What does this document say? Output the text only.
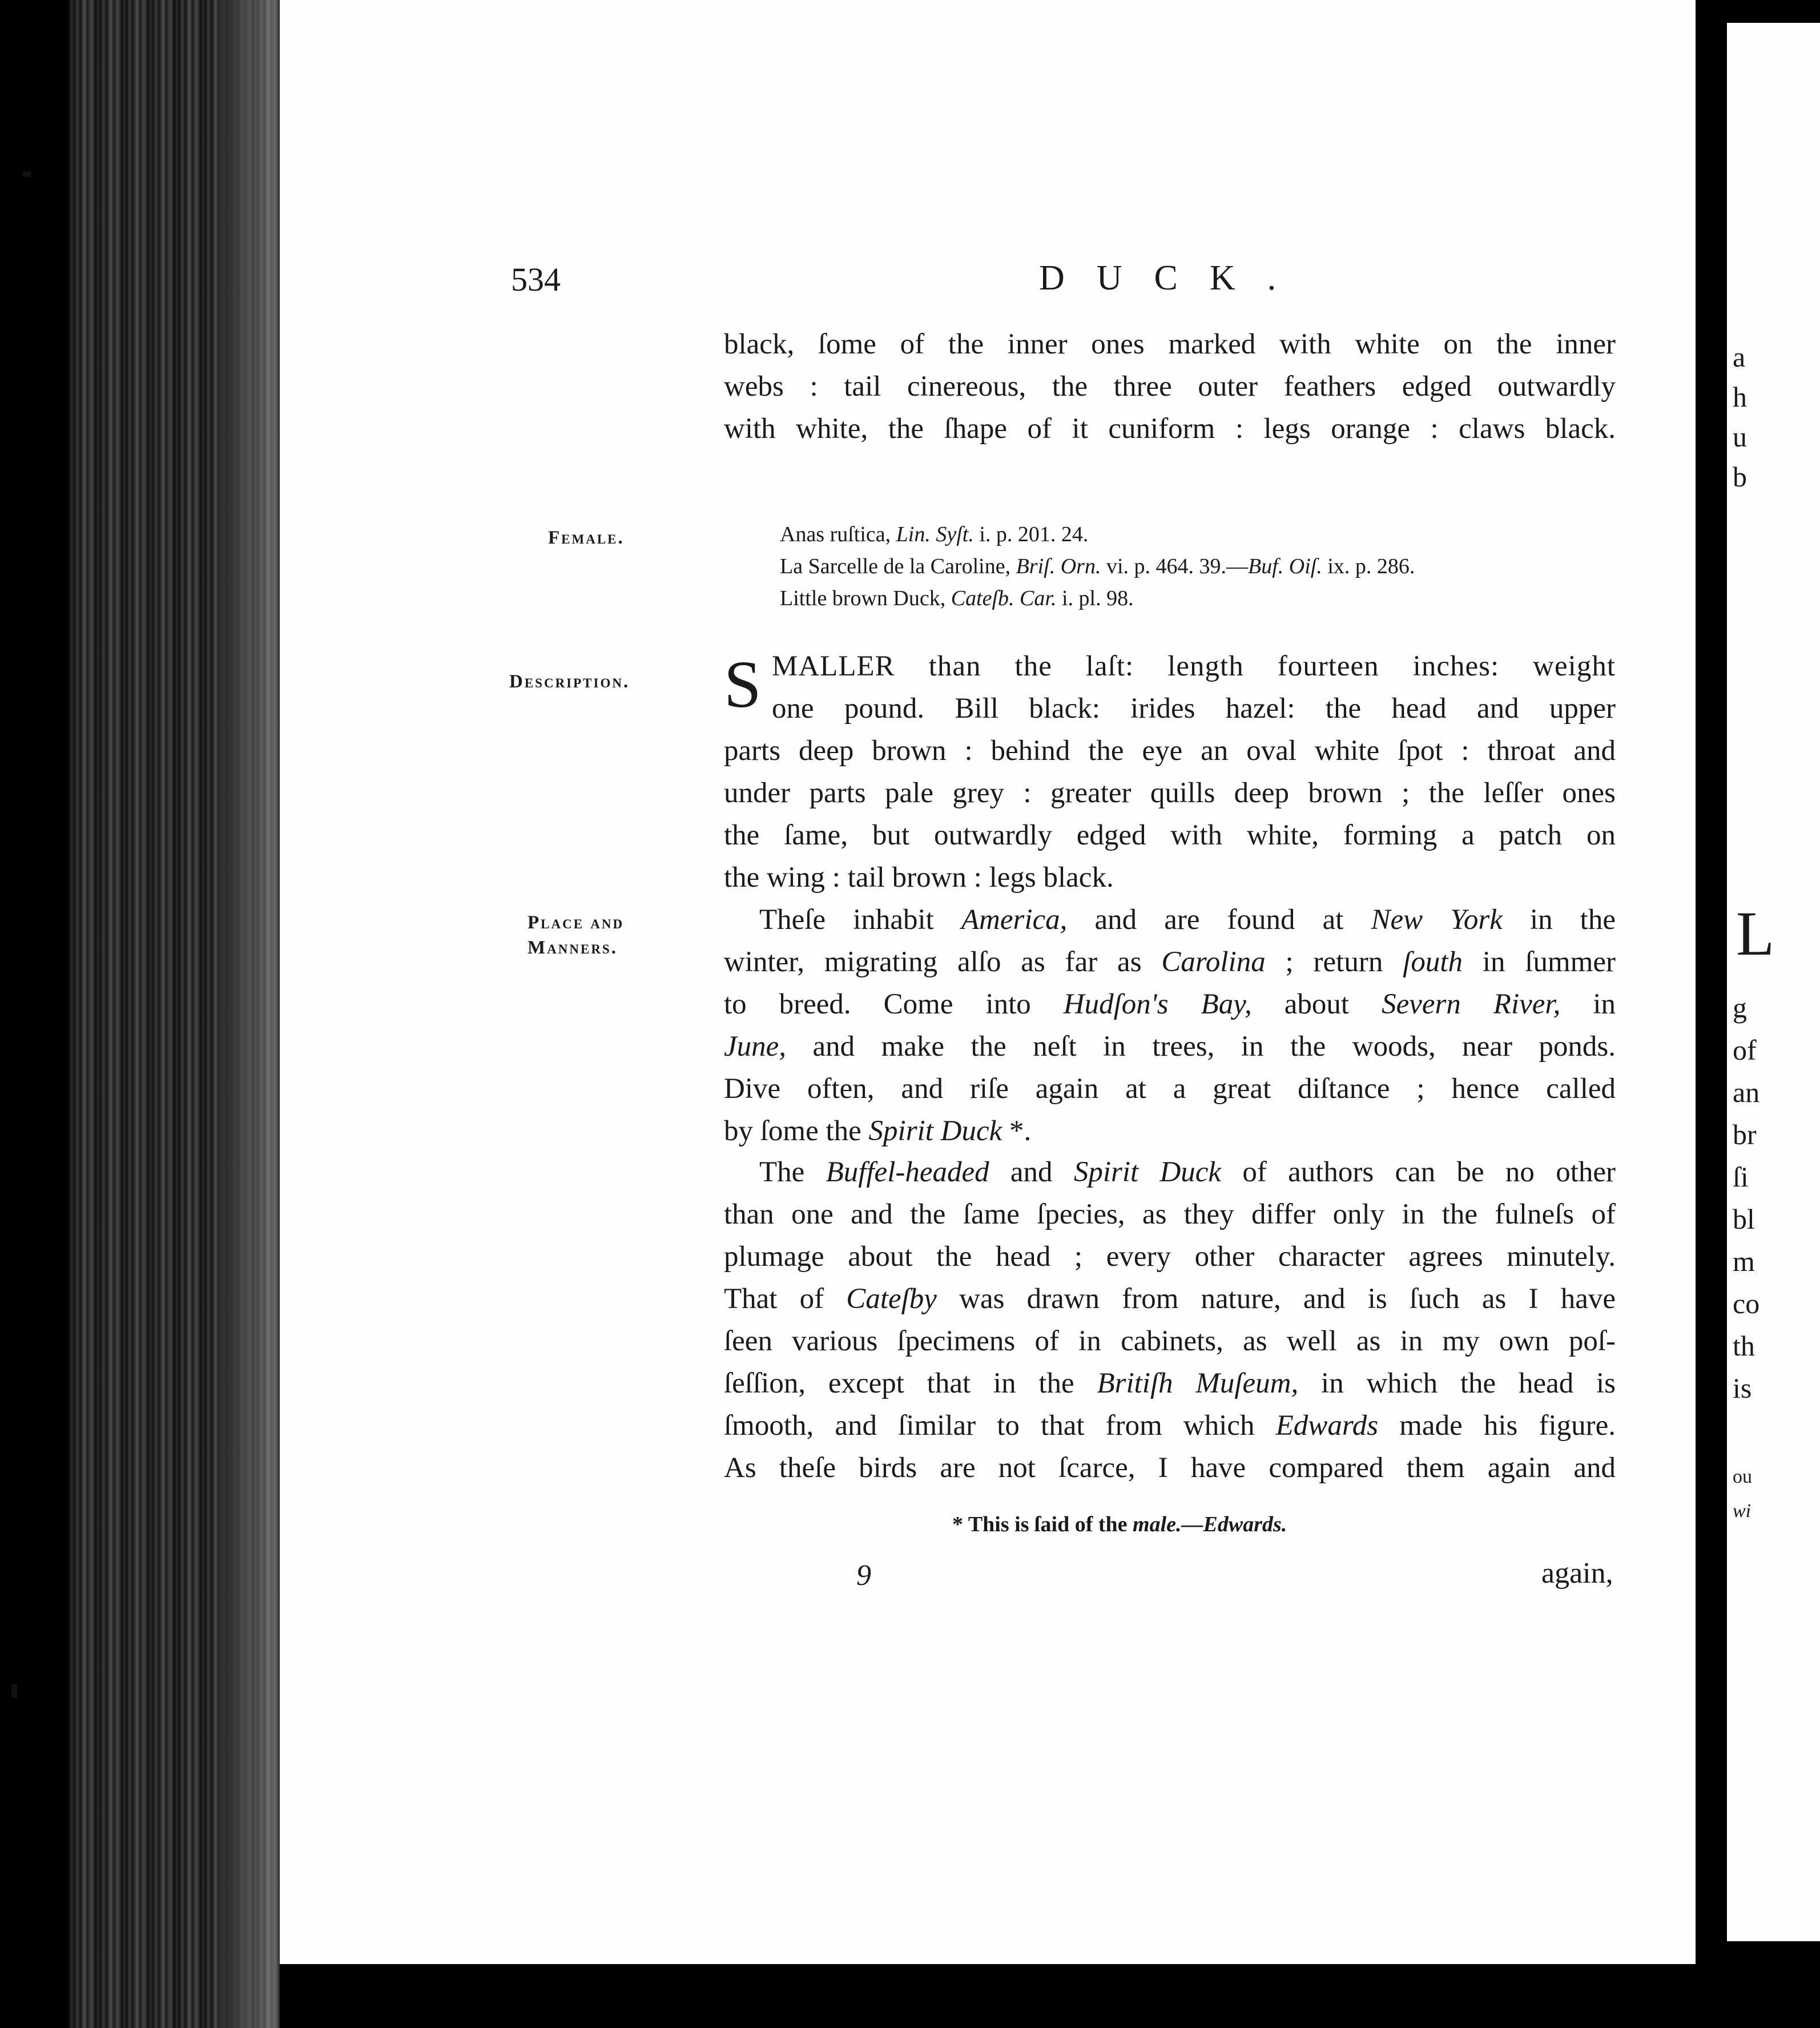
534	DUCK.
black, ſome of the inner ones marked with white on the inner
webs : tail cinereous, the three outer feathers edged outwardly
with white, the ſhape of it cuniform : legs orange : claws black.
Female.
Description.
Place and
Manners.
Anas ruſtica, Lin. Syſt. i. p. 201. 24.
La Sarcelle de la Caroline, Briſ. Orn. vi. p. 464. 39.—Buf. Oiſ. ix. p. 286.
Little brown Duck, Cateſb. Car. i. pl. 98.
S MALLER than the laſt: length fourteen inches: weight
one pound. Bill black: irides hazel: the head and upper
parts deep brown : behind the eye an oval white ſpot : throat and
under parts pale grey : greater quills deep brown ; the leſſer ones
the ſame, but outwardly edged with white, forming a patch on
the wing : tail brown : legs black.
Theſe inhabit America, and are found at New York in the
winter, migrating alſo as far as Carolina ; return ſouth in ſummer
to breed. Come into Hudſon's Bay, about Severn River, in
June, and make the neſt in trees, in the woods, near ponds.
Dive often, and riſe again at a great diſtance ; hence called
by ſome the Spirit Duck *.
The Buffel-headed and Spirit Duck of authors can be no other
than one and the ſame ſpecies, as they differ only in the fulneſs of
plumage about the head ; every other character agrees minutely.
That of Cateſby was drawn from nature, and is ſuch as I have
ſeen various ſpecimens of in cabinets, as well as in my own poſ-
ſeſſion, except that in the Britiſh Muſeum, in which the head is
ſmooth, and ſimilar to that from which Edwards made his figure.
As theſe birds are not ſcarce, I have compared them again and
* This is ſaid of the male.—Edwards.
9	again,
a
h
u
b
L
g
of
an
br
ſi
bl
m
co
th
is
ou
wi
